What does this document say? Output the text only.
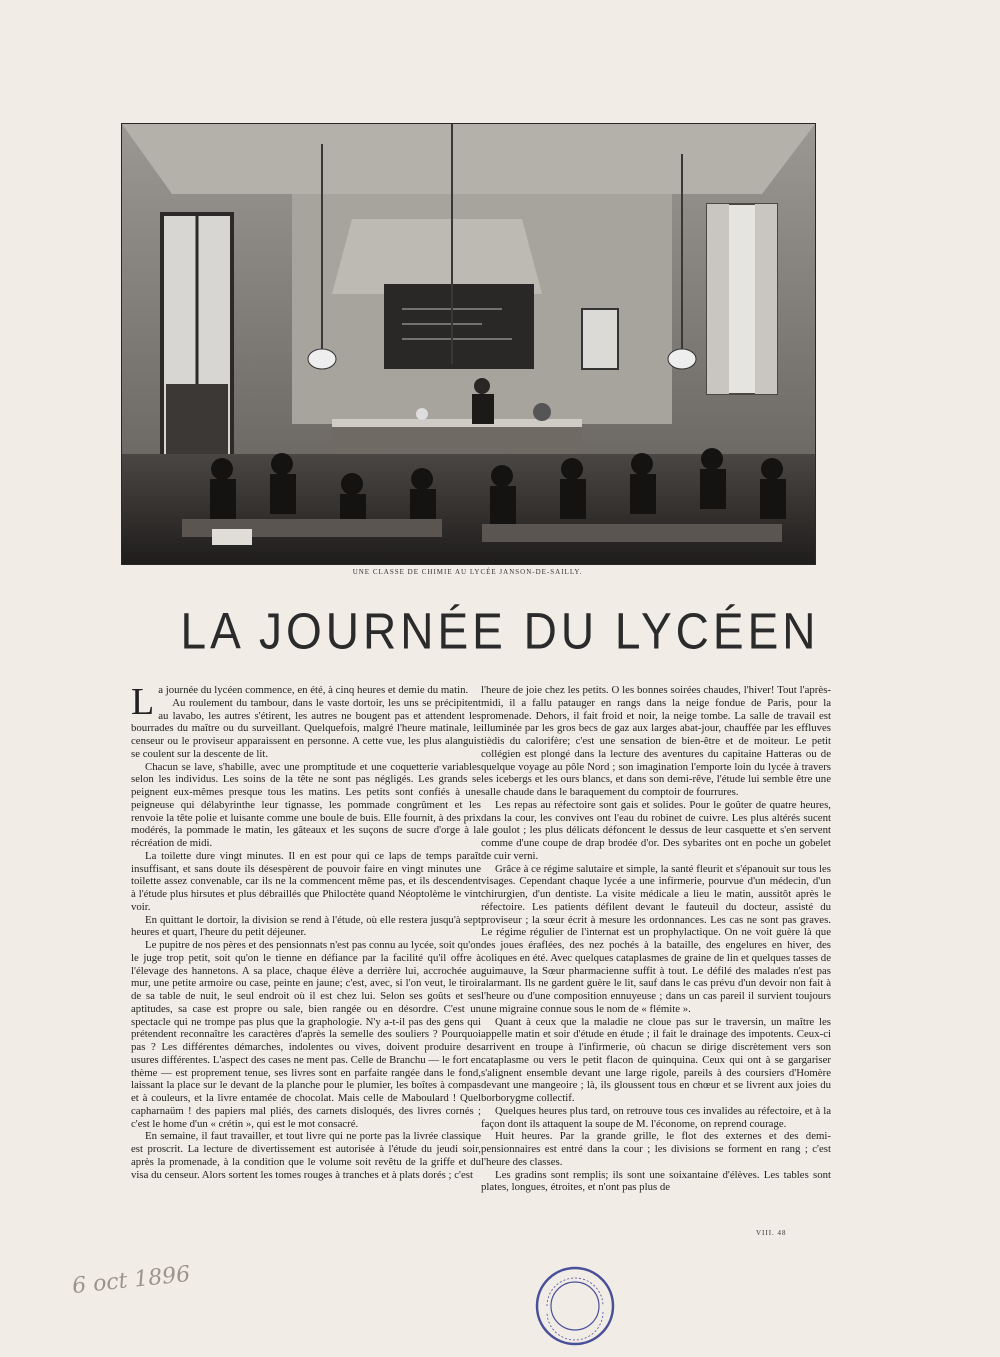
UNE CLASSE DE CHIMIE AU LYCÉE JANSON-DE-SAILLY.
LA JOURNÉE DU LYCÉEN

La journée du lycéen commence, en été, à cinq heures et demie du matin.

Au roulement du tambour, dans le vaste dortoir, les uns se précipitent au lavabo, les autres s'étirent, les autres ne bougent pas et attendent les bourrades du maître ou du surveillant. Quelquefois, malgré l'heure matinale, le censeur ou le proviseur apparaissent en personne. A cette vue, les plus alanguis se coulent sur la descente de lit.

Chacun se lave, s'habille, avec une promptitude et une coquetterie variables selon les individus. Les soins de la tête ne sont pas négligés. Les grands se peignent eux-mêmes presque tous les matins. Les petits sont confiés à une peigneuse qui délabyrinthe leur tignasse, les pommade congrûment et les renvoie la tête polie et luisante comme une boule de buis. Elle fournit, à des prix modérés, la pommade le matin, les gâteaux et les suçons de sucre d'orge à la récréation de midi.

La toilette dure vingt minutes. Il en est pour qui ce laps de temps paraît insuffisant, et sans doute ils désespèrent de pouvoir faire en vingt minutes une toilette assez convenable, car ils ne la commencent même pas, et ils descendent à l'étude plus hirsutes et plus débraillés que Philoctète quand Néoptolème le vint voir.

En quittant le dortoir, la division se rend à l'étude, où elle restera jusqu'à sept heures et quart, l'heure du petit déjeuner.

Le pupitre de nos pères et des pensionnats n'est pas connu au lycée, soit qu'on le juge trop petit, soit qu'on le tienne en défiance par la facilité qu'il offre à l'élevage des hannetons. A sa place, chaque élève a derrière lui, accrochée au mur, une petite armoire ou case, peinte en jaune; c'est, avec, si l'on veut, le tiroir de sa table de nuit, le seul endroit où il est chez lui. Selon ses goûts et ses aptitudes, sa case est propre ou sale, bien rangée ou en désordre. C'est un spectacle qui ne trompe pas plus que la graphologie. N'y a-t-il pas des gens qui prétendent reconnaître les caractères d'après la semelle des souliers ? Pourquoi pas ? Les différentes démarches, indolentes ou vives, doivent produire des usures différentes. L'aspect des cases ne ment pas. Celle de Branchu — le fort en thème — est proprement tenue, ses livres sont en parfaite rangée dans le fond, laissant la place sur le devant de la planche pour le plumier, les boîtes à compas et à couleurs, et la livre entamée de chocolat. Mais celle de Maboulard ! Quel capharnaüm ! des papiers mal pliés, des carnets disloqués, des livres cornés ; c'est le home d'un « crétin », qui est le mot consacré.

En semaine, il faut travailler, et tout livre qui ne porte pas la livrée classique est proscrit. La lecture de divertissement est autorisée à l'étude du jeudi soir, après la promenade, à la condition que le volume soit revêtu de la griffe et du visa du censeur. Alors sortent les tomes rouges à tranches et à plats dorés ; c'est

l'heure de joie chez les petits. O les bonnes soirées chaudes, l'hiver! Tout l'après-midi, il a fallu patauger en rangs dans la neige fondue de Paris, pour la promenade. Dehors, il fait froid et noir, la neige tombe. La salle de travail est illuminée par les gros becs de gaz aux larges abat-jour, chauffée par les effluves tièdis du calorifère; c'est une sensation de bien-être et de moiteur. Le petit collégien est plongé dans la lecture des aventures du capitaine Hatteras ou de quelque voyage au pôle Nord ; son imagination l'emporte loin du lycée à travers les icebergs et les ours blancs, et dans son demi-rêve, l'étude lui semble être une salle chaude dans le baraquement du comptoir de fourrures.

Les repas au réfectoire sont gais et solides. Pour le goûter de quatre heures, dans la cour, les convives ont l'eau du robinet de cuivre. Les plus altérés sucent le goulot ; les plus délicats défoncent le dessus de leur casquette et s'en servent comme d'une coupe de drap brodée d'or. Des sybarites ont en poche un gobelet de cuir verni.

Grâce à ce régime salutaire et simple, la santé fleurit et s'épanouit sur tous les visages. Cependant chaque lycée a une infirmerie, pourvue d'un médecin, d'un chirurgien, d'un dentiste. La visite médicale a lieu le matin, aussitôt après le réfectoire. Les patients défilent devant le fauteuil du docteur, assisté du proviseur ; la sœur écrit à mesure les ordonnances. Les cas ne sont pas graves. Le régime régulier de l'internat est un prophylactique. On ne voit guère là que des joues éraflées, des nez pochés à la bataille, des engelures en hiver, des coliques en été. Avec quelques cataplasmes de graine de lin et quelques tasses de guimauve, la Sœur pharmacienne suffit à tout. Le défilé des malades n'est pas alarmant. Ils ne gardent guère le lit, sauf dans le cas prévu d'un devoir non fait à l'heure ou d'une composition ennuyeuse ; dans un cas pareil il survient toujours une migraine connue sous le nom de « flémite ».

Quant à ceux que la maladie ne cloue pas sur le traversin, un maître les appelle matin et soir d'étude en étude ; il fait le drainage des impotents. Ceux-ci arrivent en troupe à l'infirmerie, où chacun se dirige discrètement vers son cataplasme ou vers le petit flacon de quinquina. Ceux qui ont à se gargariser s'alignent ensemble devant une large rigole, pareils à des coursiers d'Homère devant une mangeoire ; là, ils gloussent tous en chœur et se livrent aux joies du borborygme collectif.

Quelques heures plus tard, on retrouve tous ces invalides au réfectoire, et à la façon dont ils attaquent la soupe de M. l'économe, on reprend courage.

Huit heures. Par la grande grille, le flot des externes et des demi-pensionnaires est entré dans la cour ; les divisions se forment en rang ; c'est l'heure des classes.

Les gradins sont remplis; ils sont une soixantaine d'élèves. Les tables sont plates, longues, étroites, et n'ont pas plus de

VIII. 48
6 oct 1896
